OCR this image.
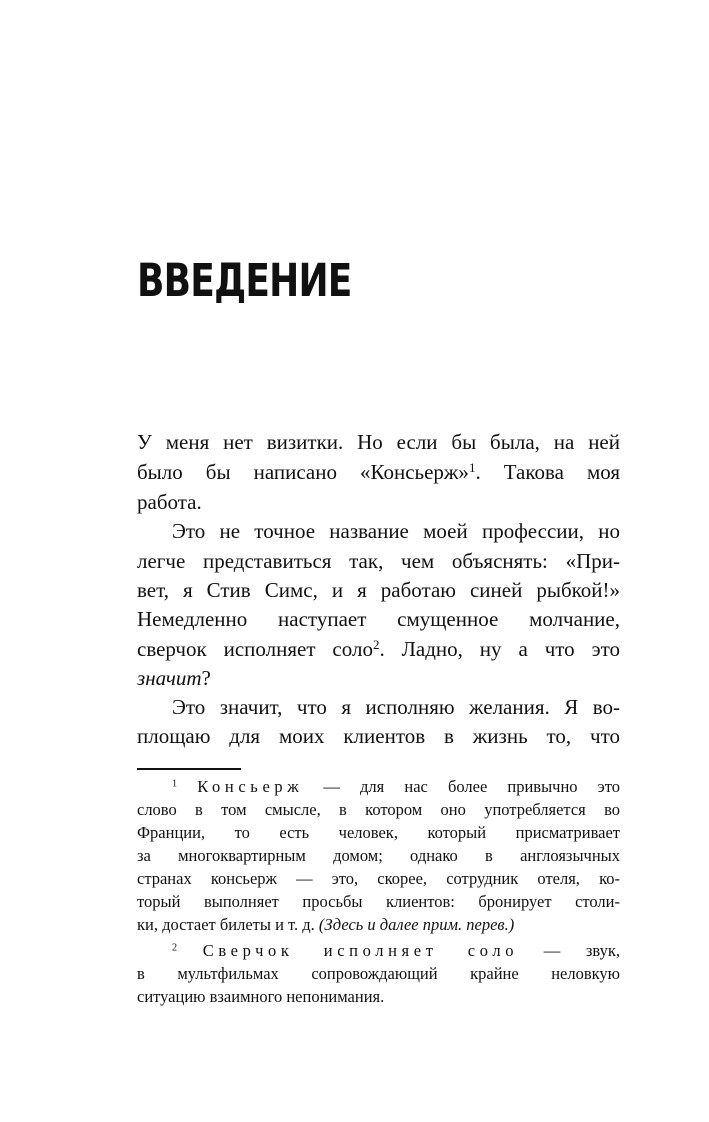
ВВЕДЕНИЕ
У меня нет визитки. Но если бы была, на ней
было бы написано «Консьерж»$^1$. Такова моя
работа.
Это не точное название моей профессии, но
легче представиться так, чем объяснять: «При-
вет, я Стив Симс, и я работаю синей рыбкой!»
Немедленно наступает смущенное молчание,
сверчок исполняет соло$^2$. Ладно, ну а что это
значит?
Это значит, что я исполняю желания. Я во-
площаю для моих клиентов в жизнь то, что
$^1$ Консьерж — для нас более привычно это
слово в том смысле, в котором оно употребляется во
Франции, то есть человек, который присматривает
за многоквартирным домом; однако в англоязычных
странах консьерж — это, скорее, сотрудник отеля, ко-
торый выполняет просьбы клиентов: бронирует столи-
ки, достает билеты и т. д. (Здесь и далее прим. перев.)
$^2$ Сверчок исполняет соло — звук,
в мультфильмах сопровождающий крайне неловкую
ситуацию взаимного непонимания.
